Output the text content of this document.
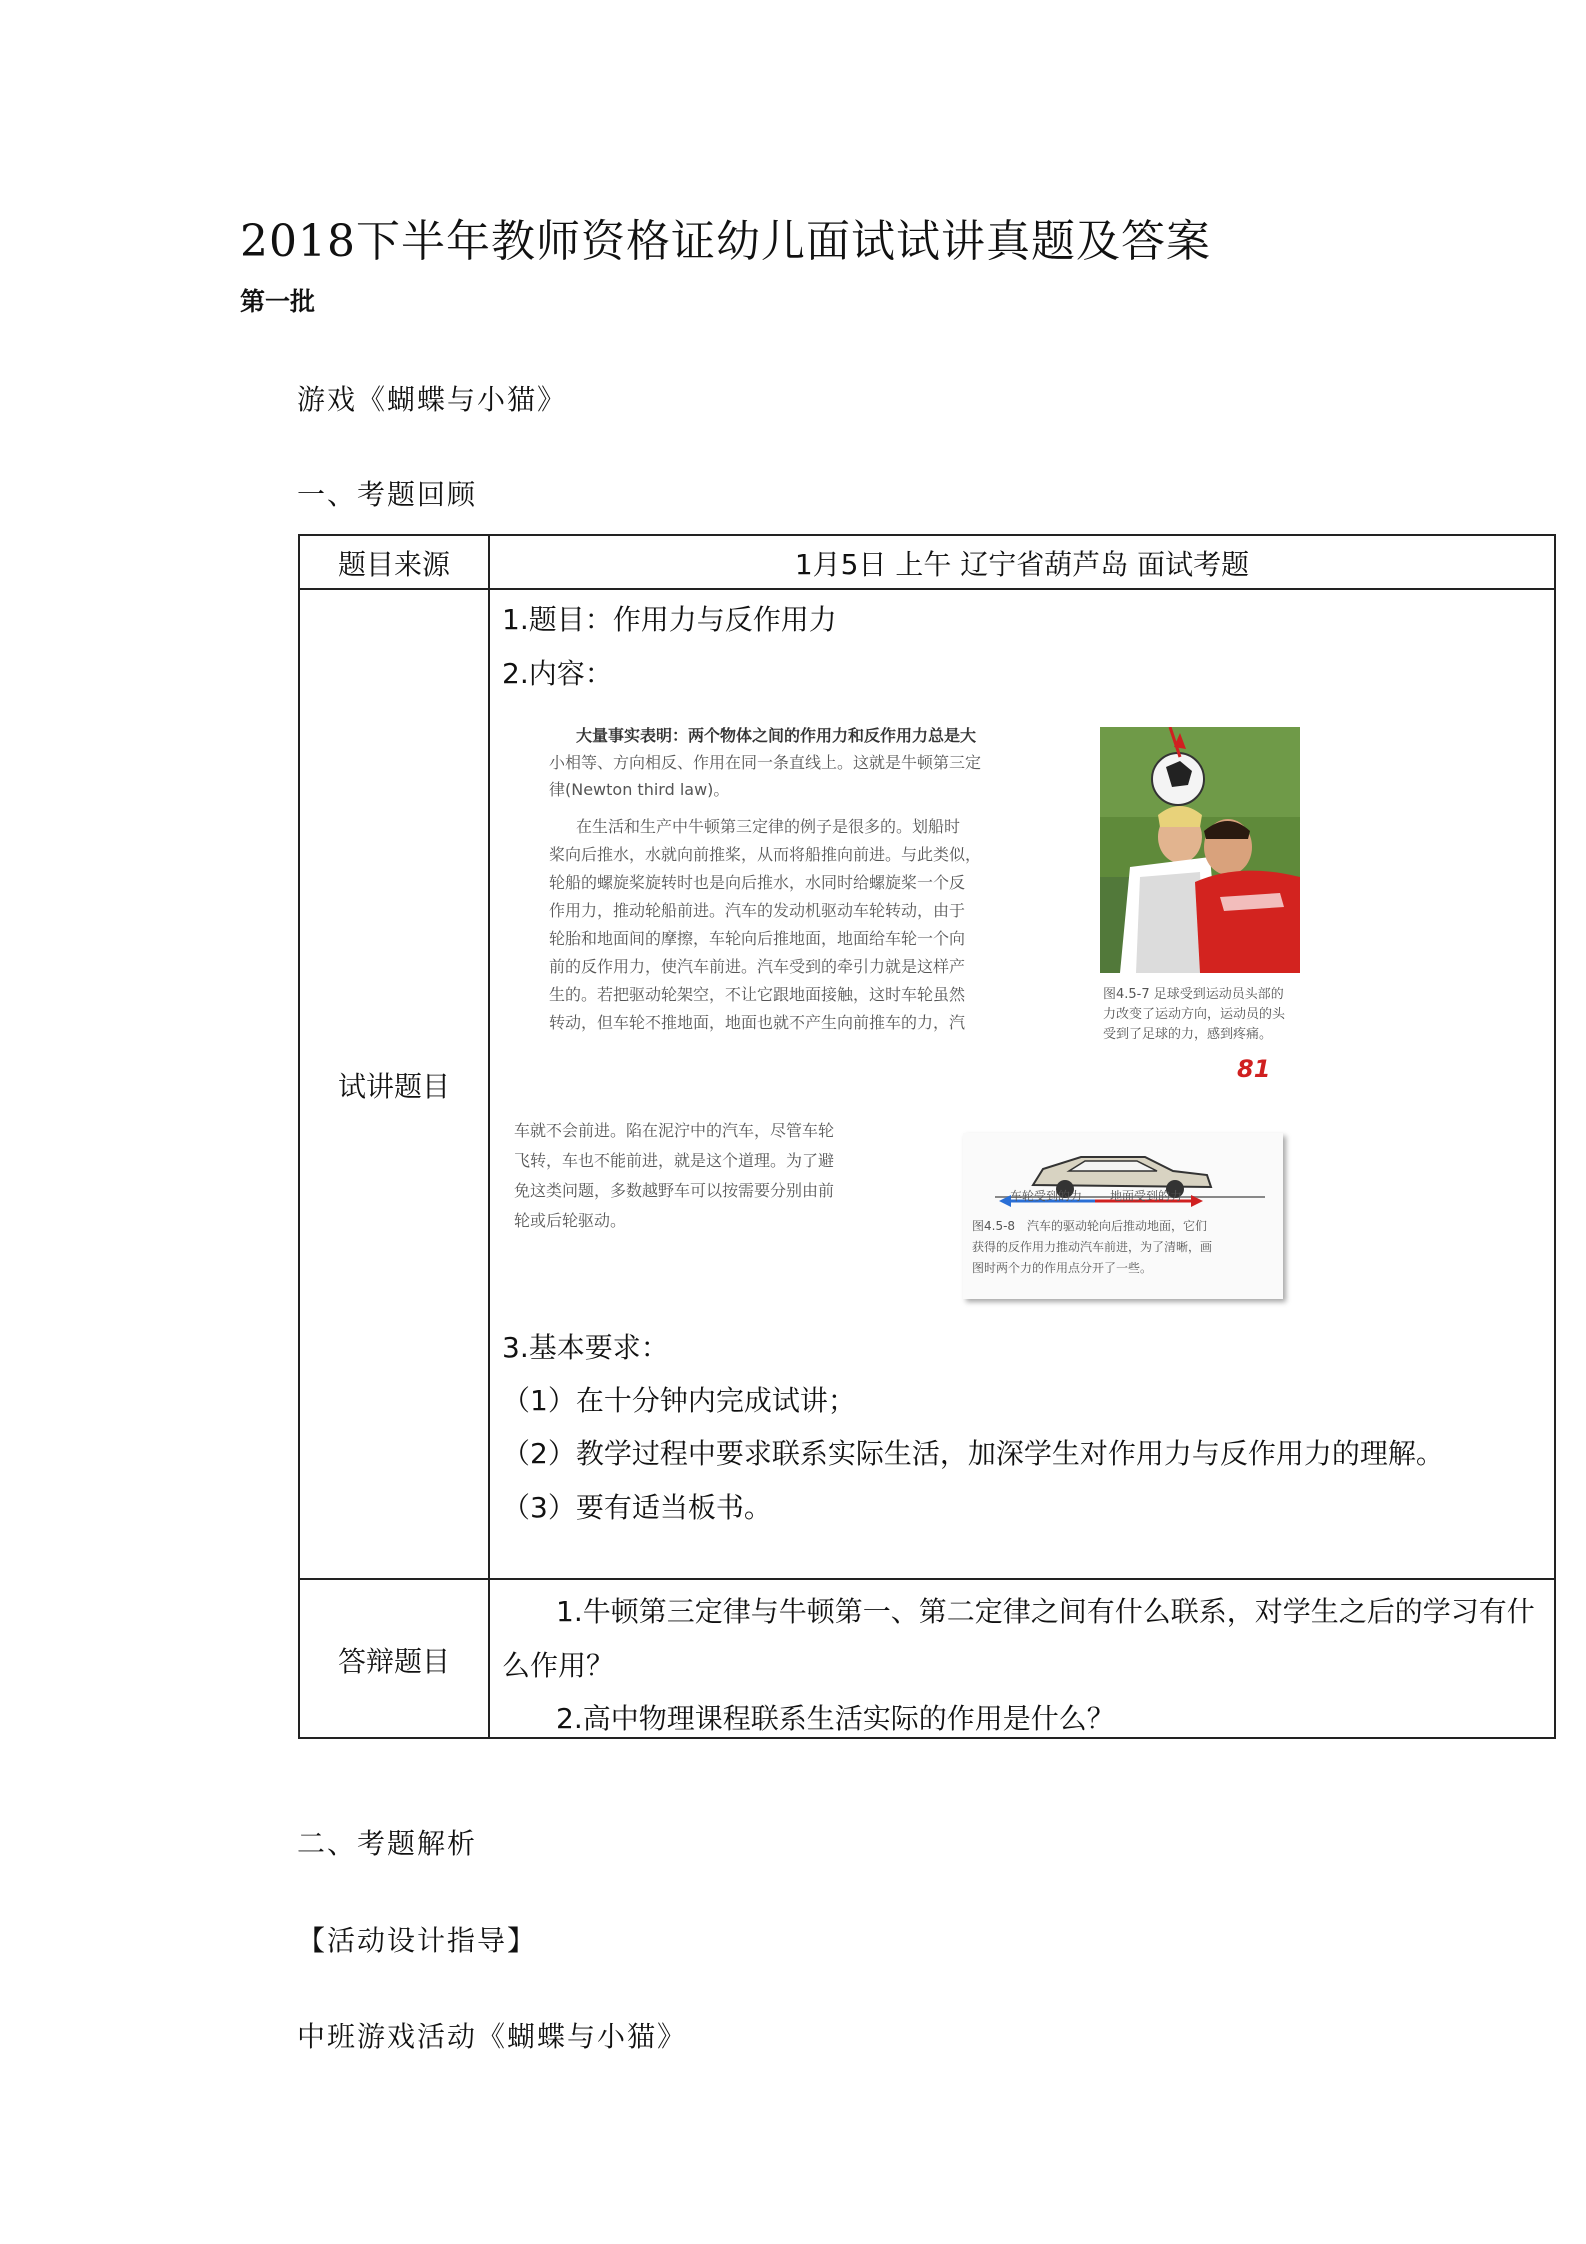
2018下半年教师资格证幼儿面试试讲真题及答案
第一批
游戏《蝴蝶与小猫》
一、考题回顾
题目来源	1月5日 上午 辽宁省葫芦岛 面试考题
试讲题目
1.题目：作用力与反作用力
2.内容：
大量事实表明：两个物体之间的作用力和反作用力总是大
小相等、方向相反、作用在同一条直线上。这就是牛顿第三定
律(Newton third law)。
在生活和生产中牛顿第三定律的例子是很多的。划船时
桨向后推水，水就向前推桨，从而将船推向前进。与此类似，
轮船的螺旋桨旋转时也是向后推水，水同时给螺旋桨一个反
作用力，推动轮船前进。汽车的发动机驱动车轮转动，由于
轮胎和地面间的摩擦，车轮向后推地面，地面给车轮一个向
前的反作用力，使汽车前进。汽车受到的牵引力就是这样产
生的。若把驱动轮架空，不让它跟地面接触，这时车轮虽然
转动，但车轮不推地面，地面也就不产生向前推车的力，汽
图4.5-7 足球受到运动员头部的
力改变了运动方向，运动员的头
受到了足球的力，感到疼痛。
81
车就不会前进。陷在泥泞中的汽车，尽管车轮
飞转，车也不能前进，就是这个道理。为了避
免这类问题，多数越野车可以按需要分别由前
轮或后轮驱动。
车轮受到的力 地面受到的力
图4.5-8　汽车的驱动轮向后推动地面，它们
获得的反作用力推动汽车前进，为了清晰，画
图时两个力的作用点分开了一些。
3.基本要求：
（1）在十分钟内完成试讲；
（2）教学过程中要求联系实际生活，加深学生对作用力与反作用力的理解。
（3）要有适当板书。
答辩题目
1.牛顿第三定律与牛顿第一、第二定律之间有什么联系，对学生之后的学习有什
么作用？
2.高中物理课程联系生活实际的作用是什么？
二、考题解析
【活动设计指导】
中班游戏活动《蝴蝶与小猫》
